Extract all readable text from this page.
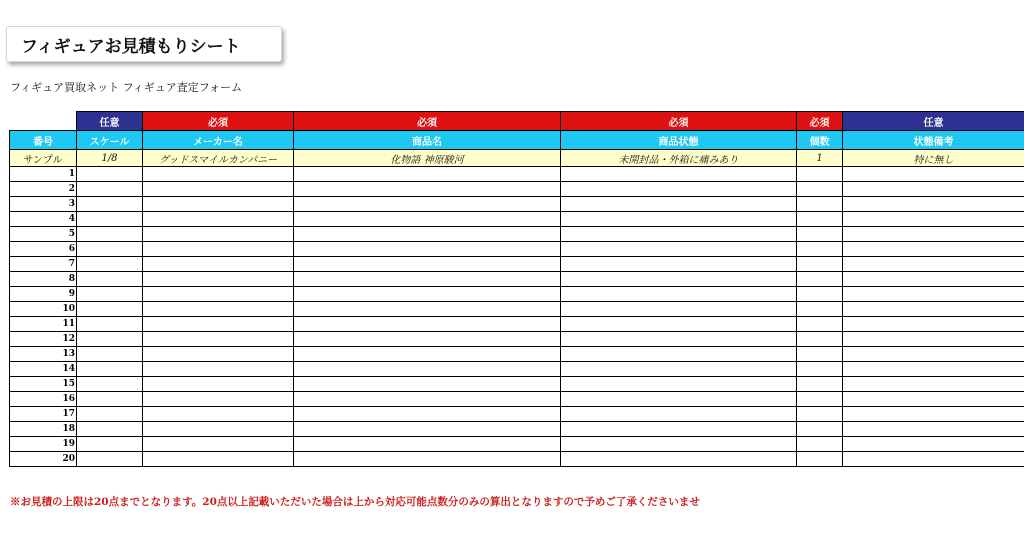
フィギュアお見積もりシート
フィギュア買取ネット フィギュア査定フォーム
	任意	必須	必須	必須	必須	任意
番号	スケール	メーカー名	商品名	商品状態	個数	状態備考
サンプル	1/8	グッドスマイルカンパニー	化物語 神原駿河	未開封品・外箱に痛みあり	1	特に無し
1						
2						
3						
4						
5						
6						
7						
8						
9						
10						
11						
12						
13						
14						
15						
16						
17						
18						
19						
20						
※お見積の上限は20点までとなります。20点以上記載いただいた場合は上から対応可能点数分のみの算出となりますので予めご了承くださいませ
